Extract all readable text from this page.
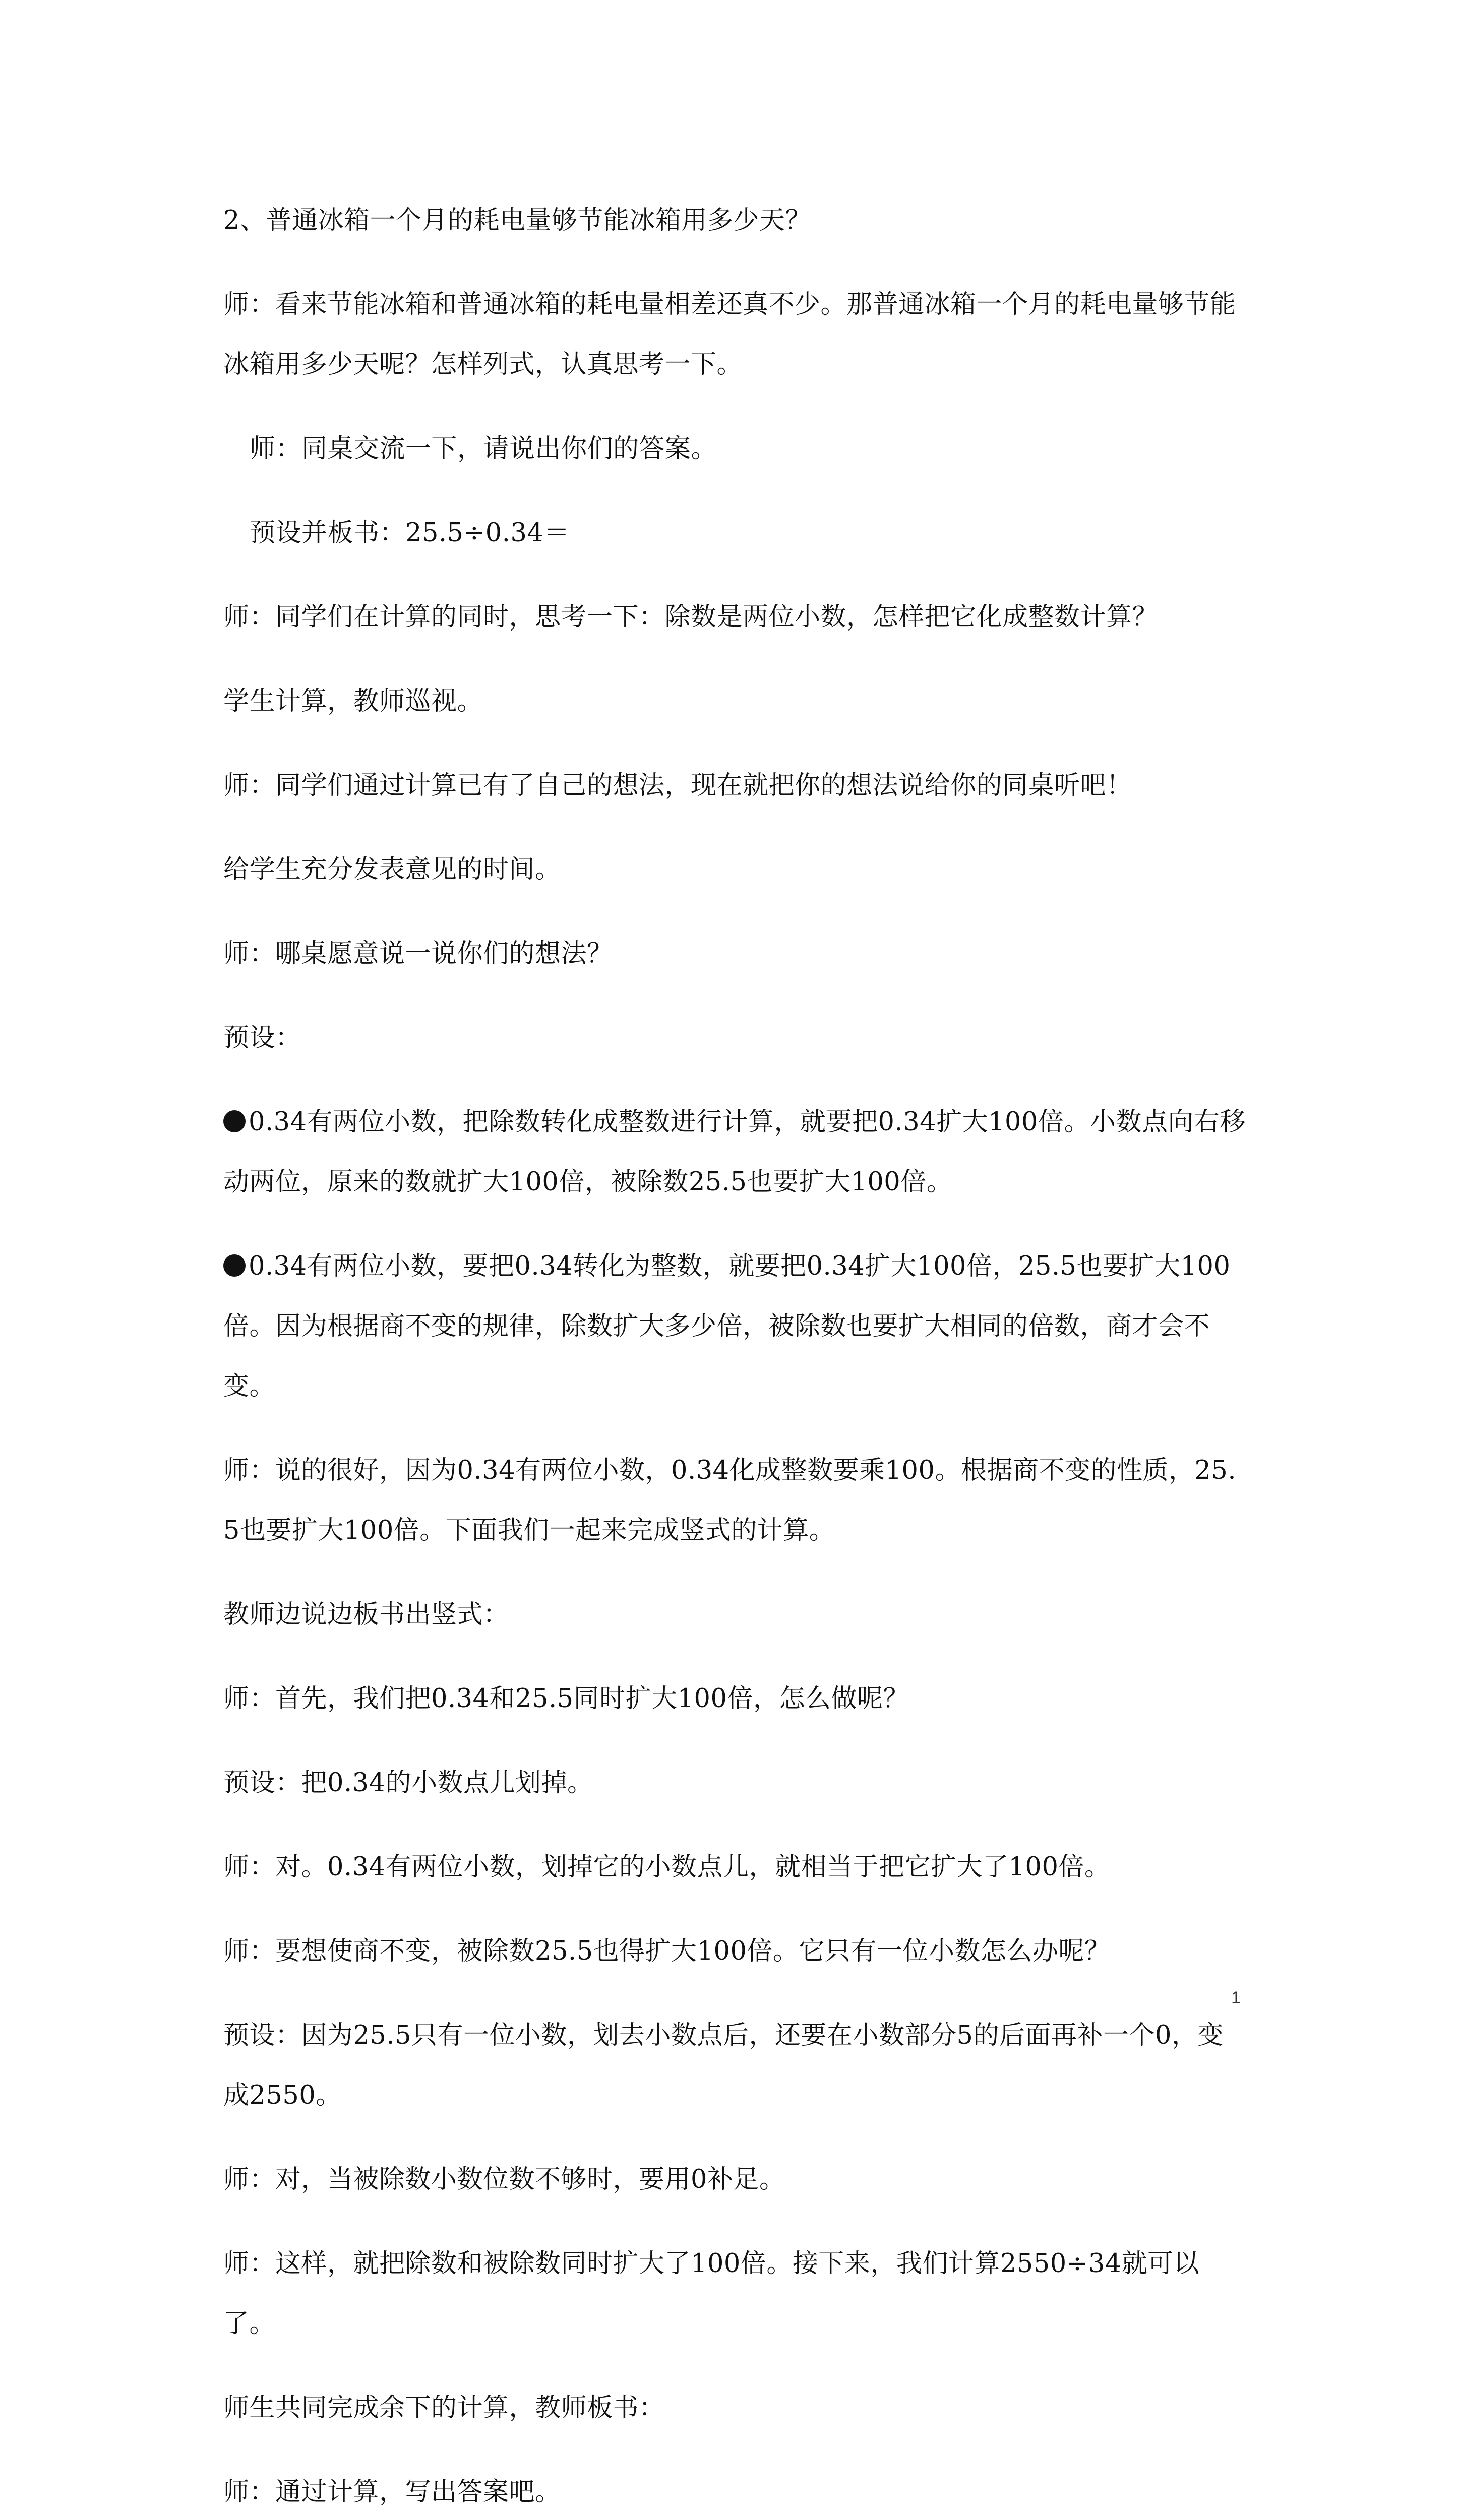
2、普通冰箱一个月的耗电量够节能冰箱用多少天？

师：看来节能冰箱和普通冰箱的耗电量相差还真不少。那普通冰箱一个月的耗电量够节能冰箱用多少天呢？怎样列式，认真思考一下。

师：同桌交流一下，请说出你们的答案。

预设并板书：25.5÷0.34＝

师：同学们在计算的同时，思考一下：除数是两位小数，怎样把它化成整数计算？

学生计算，教师巡视。

师：同学们通过计算已有了自己的想法，现在就把你的想法说给你的同桌听吧！

给学生充分发表意见的时间。

师：哪桌愿意说一说你们的想法？

预设：

0.34有两位小数，把除数转化成整数进行计算，就要把0.34扩大100倍。小数点向右移动两位，原来的数就扩大100倍，被除数25.5也要扩大100倍。

0.34有两位小数，要把0.34转化为整数，就要把0.34扩大100倍，25.5也要扩大100倍。因为根据商不变的规律，除数扩大多少倍，被除数也要扩大相同的倍数，商才会不变。

师：说的很好，因为0.34有两位小数，0.34化成整数要乘100。根据商不变的性质，25.5也要扩大100倍。下面我们一起来完成竖式的计算。

教师边说边板书出竖式：

师：首先，我们把0.34和25.5同时扩大100倍，怎么做呢？

预设：把0.34的小数点儿划掉。

师：对。0.34有两位小数，划掉它的小数点儿，就相当于把它扩大了100倍。

师：要想使商不变，被除数25.5也得扩大100倍。它只有一位小数怎么办呢？

预设：因为25.5只有一位小数，划去小数点后，还要在小数部分5的后面再补一个0，变成2550。

师：对，当被除数小数位数不够时，要用0补足。

师：这样，就把除数和被除数同时扩大了100倍。接下来，我们计算2550÷34就可以了。

师生共同完成余下的计算，教师板书：

师：通过计算，写出答案吧。

1
